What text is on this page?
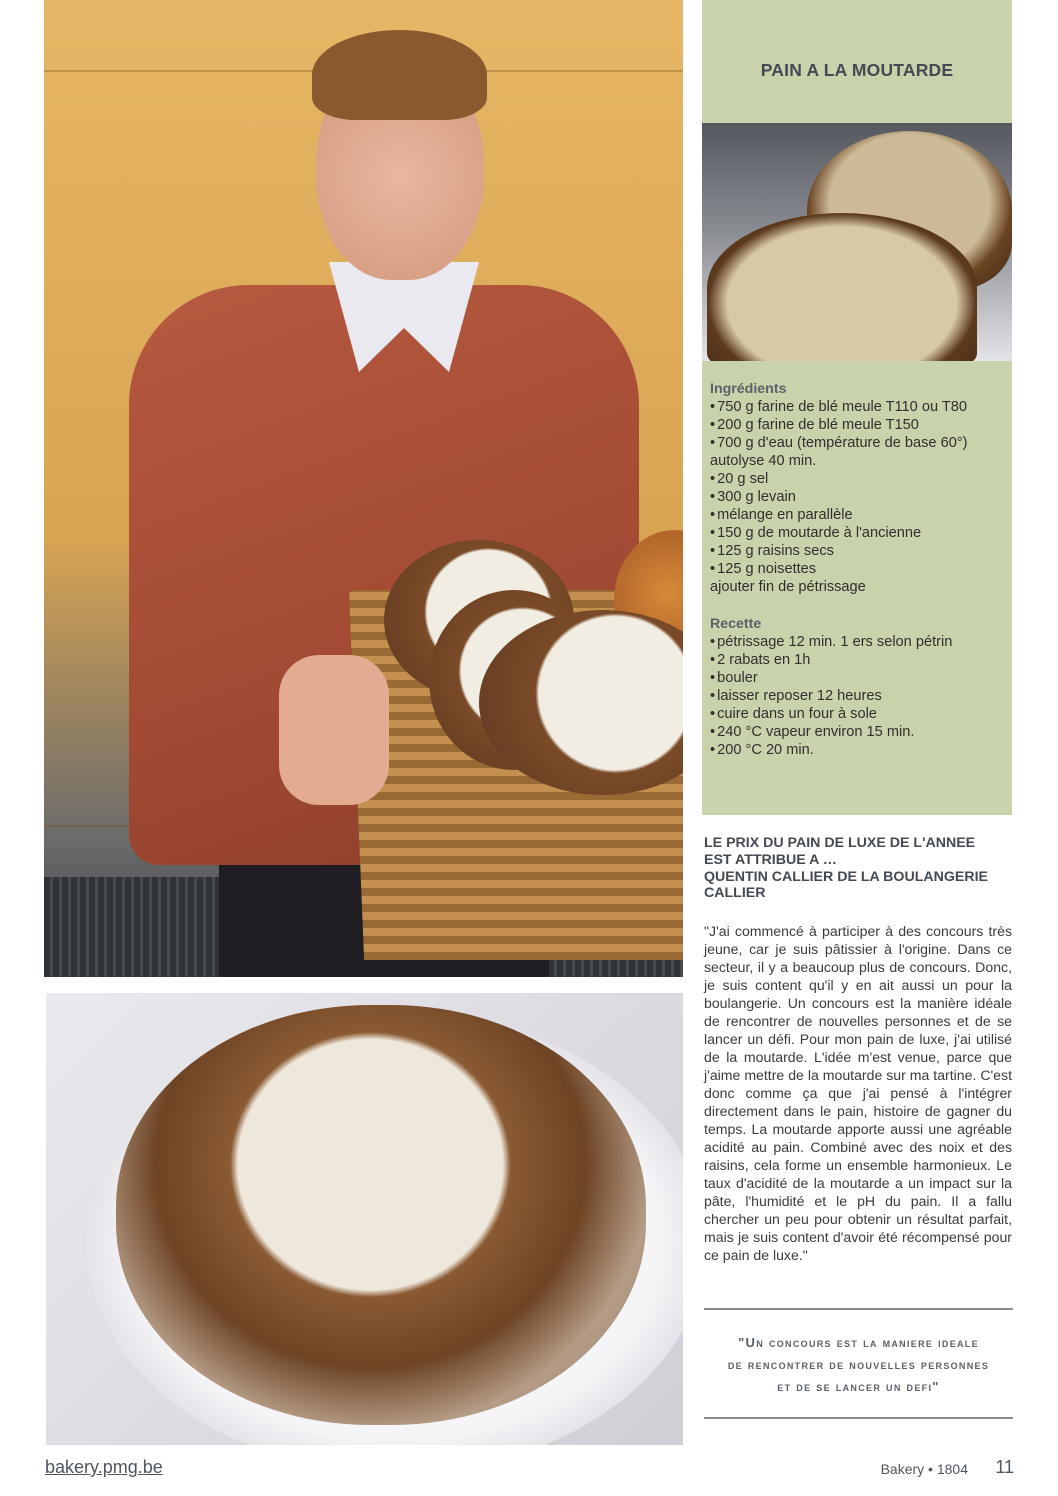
PAIN A LA MOUTARDE
Ingrédients
• 750 g farine de blé meule T110 ou T80
• 200 g farine de blé meule T150
• 700 g d'eau (température de base 60°)
autolyse 40 min.
• 20 g sel
• 300 g levain
• mélange en parallèle
• 150 g de moutarde à l'ancienne
• 125 g raisins secs
• 125 g noisettes
ajouter fin de pétrissage
Recette
• pétrissage 12 min. 1 ers selon pétrin
• 2 rabats en 1h
• bouler
• laisser reposer 12 heures
• cuire dans un four à sole
• 240 °C vapeur environ 15 min.
• 200 °C 20 min.
LE PRIX DU PAIN DE LUXE DE L'ANNEE
EST ATTRIBUE A …
QUENTIN CALLIER DE LA BOULANGERIE
CALLIER
"J'ai commencé à participer à des concours très jeune, car je suis pâtissier à l'origine. Dans ce secteur, il y a beaucoup plus de concours. Donc, je suis content qu'il y en ait aussi un pour la boulangerie. Un concours est la manière idéale de rencontrer de nouvelles personnes et de se lancer un défi. Pour mon pain de luxe, j'ai utilisé de la moutarde. L'idée m'est venue, parce que j'aime mettre de la moutarde sur ma tartine. C'est donc comme ça que j'ai pensé à l'intégrer directement dans le pain, histoire de gagner du temps. La moutarde apporte aussi une agréable acidité au pain. Combiné avec des noix et des raisins, cela forme un ensemble harmonieux. Le taux d'acidité de la moutarde a un impact sur la pâte, l'humidité et le pH du pain. Il a fallu chercher un peu pour obtenir un résultat parfait, mais je suis content d'avoir été récompensé pour ce pain de luxe."
"Un concours est la maniere ideale
de rencontrer de nouvelles personnes
et de se lancer un defi"
bakery.pmg.be	Bakery • 1804 11
